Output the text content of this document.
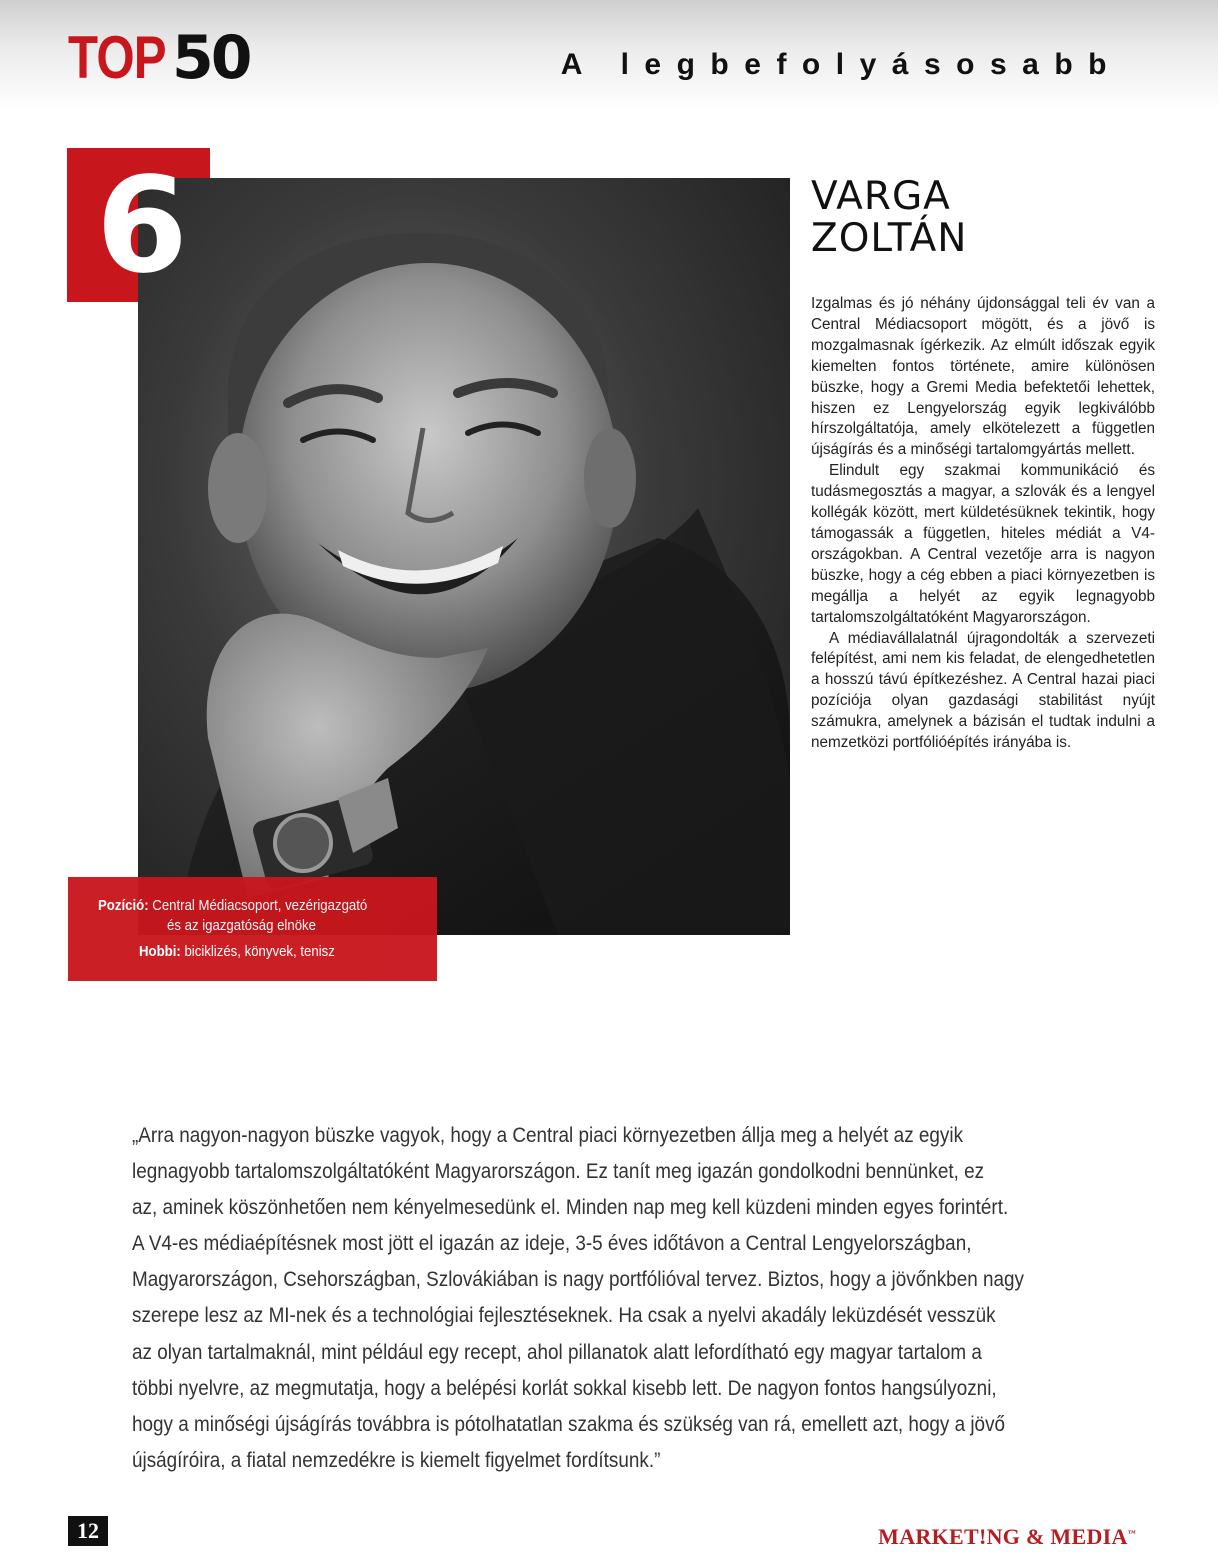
TOP 50	A legbefolyásosabb
6
Pozíció: Central Médiacsoport, vezérigazgató
és az igazgatóság elnöke
Hobbi: biciklizés, könyvek, tenisz
VARGA
ZOLTÁN

Izgalmas és jó néhány újdonsággal teli év van a Central Médiacsoport mögött, és a jövő is mozgalmasnak ígérkezik. Az elmúlt időszak egyik kiemelten fontos története, amire különösen büszke, hogy a Gremi Media befektetői lehettek, hiszen ez Lengyelország egyik legkiválóbb hírszolgáltatója, amely elkötelezett a független újságírás és a minőségi tartalomgyártás mellett.

Elindult egy szakmai kommunikáció és tudásmegosztás a magyar, a szlovák és a lengyel kollégák között, mert küldetésüknek tekintik, hogy támogassák a független, hiteles médiát a V4-országokban. A Central vezetője arra is nagyon büszke, hogy a cég ebben a piaci környezetben is megállja a helyét az egyik legnagyobb tartalomszolgáltatóként Magyarországon.

A médiavállalatnál újragondolták a szervezeti felépítést, ami nem kis feladat, de elengedhetetlen a hosszú távú építkezéshez. A Central hazai piaci pozíciója olyan gazdasági stabilitást nyújt számukra, amelynek a bázisán el tudtak indulni a nemzetközi portfólióépítés irányába is.

„Arra nagyon-nagyon büszke vagyok, hogy a Central piaci környezetben állja meg a helyét az egyik
legnagyobb tartalomszolgáltatóként Magyarországon. Ez tanít meg igazán gondolkodni bennünket, ez
az, aminek köszönhetően nem kényelmesedünk el. Minden nap meg kell küzdeni minden egyes forintért.
A V4-es médiaépítésnek most jött el igazán az ideje, 3-5 éves időtávon a Central Lengyelországban,
Magyarországon, Csehországban, Szlovákiában is nagy portfólióval tervez. Biztos, hogy a jövőnkben nagy
szerepe lesz az MI-nek és a technológiai fejlesztéseknek. Ha csak a nyelvi akadály leküzdését vesszük
az olyan tartalmaknál, mint például egy recept, ahol pillanatok alatt lefordítható egy magyar tartalom a
többi nyelvre, az megmutatja, hogy a belépési korlát sokkal kisebb lett. De nagyon fontos hangsúlyozni,
hogy a minőségi újságírás továbbra is pótolhatatlan szakma és szükség van rá, emellett azt, hogy a jövő
újságíróira, a fiatal nemzedékre is kiemelt figyelmet fordítsunk.”
12	MARKET!NG & MEDIA™
